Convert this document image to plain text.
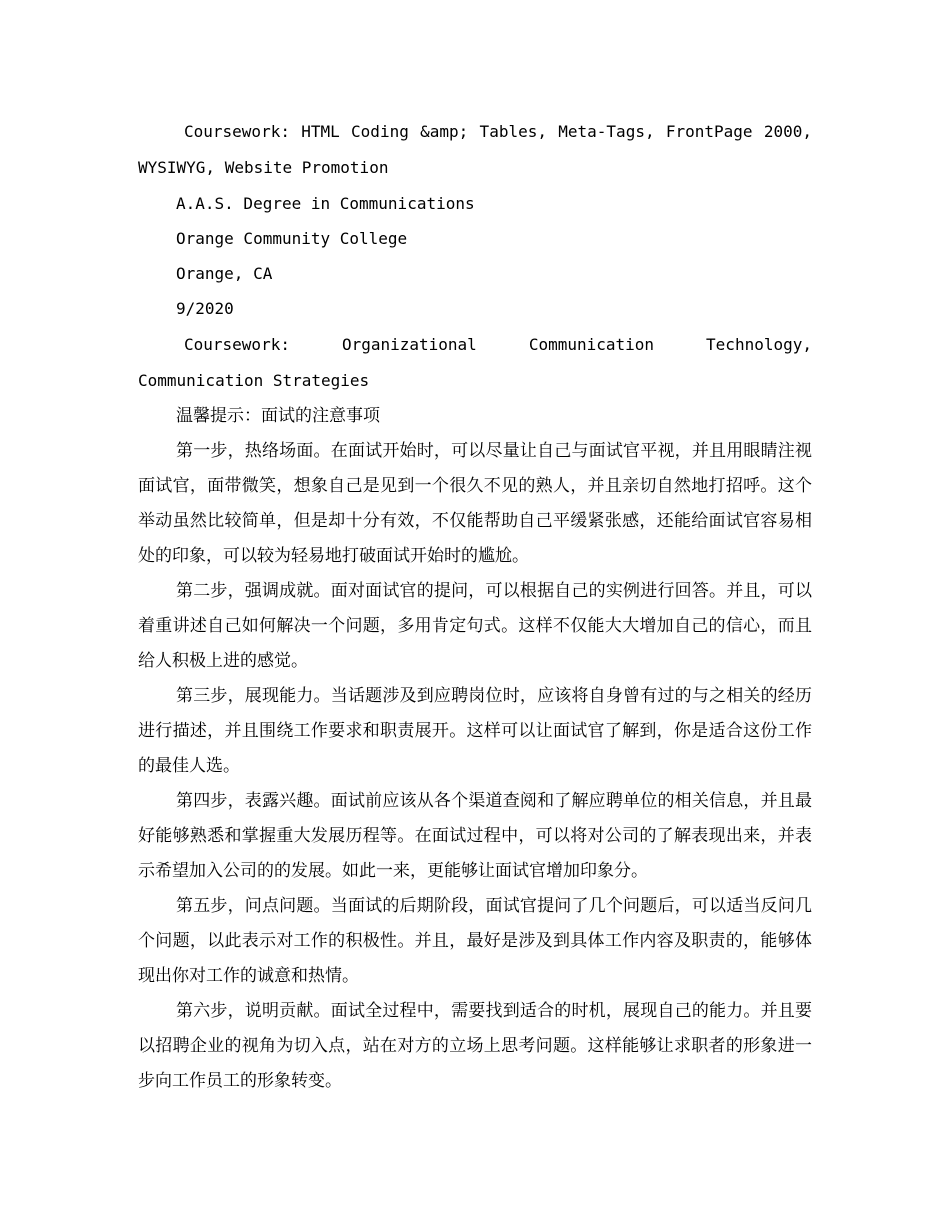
Coursework: HTML Coding &amp; Tables, Meta-Tags, FrontPage 2000, WYSIWYG, Website Promotion

A.A.S. Degree in Communications

Orange Community College

Orange, CA

9/2020

Coursework: Organizational Communication Technology, Communication Strategies

温馨提示：面试的注意事项

第一步，热络场面。在面试开始时，可以尽量让自己与面试官平视，并且用眼睛注视面试官，面带微笑，想象自己是见到一个很久不见的熟人，并且亲切自然地打招呼。这个举动虽然比较简单，但是却十分有效，不仅能帮助自己平缓紧张感，还能给面试官容易相处的印象，可以较为轻易地打破面试开始时的尴尬。

第二步，强调成就。面对面试官的提问，可以根据自己的实例进行回答。并且，可以着重讲述自己如何解决一个问题，多用肯定句式。这样不仅能大大增加自己的信心，而且给人积极上进的感觉。

第三步，展现能力。当话题涉及到应聘岗位时，应该将自身曾有过的与之相关的经历进行描述，并且围绕工作要求和职责展开。这样可以让面试官了解到，你是适合这份工作的最佳人选。

第四步，表露兴趣。面试前应该从各个渠道查阅和了解应聘单位的相关信息，并且最好能够熟悉和掌握重大发展历程等。在面试过程中，可以将对公司的了解表现出来，并表示希望加入公司的的发展。如此一来，更能够让面试官增加印象分。

第五步，问点问题。当面试的后期阶段，面试官提问了几个问题后，可以适当反问几个问题，以此表示对工作的积极性。并且，最好是涉及到具体工作内容及职责的，能够体现出你对工作的诚意和热情。

第六步，说明贡献。面试全过程中，需要找到适合的时机，展现自己的能力。并且要以招聘企业的视角为切入点，站在对方的立场上思考问题。这样能够让求职者的形象进一步向工作员工的形象转变。
